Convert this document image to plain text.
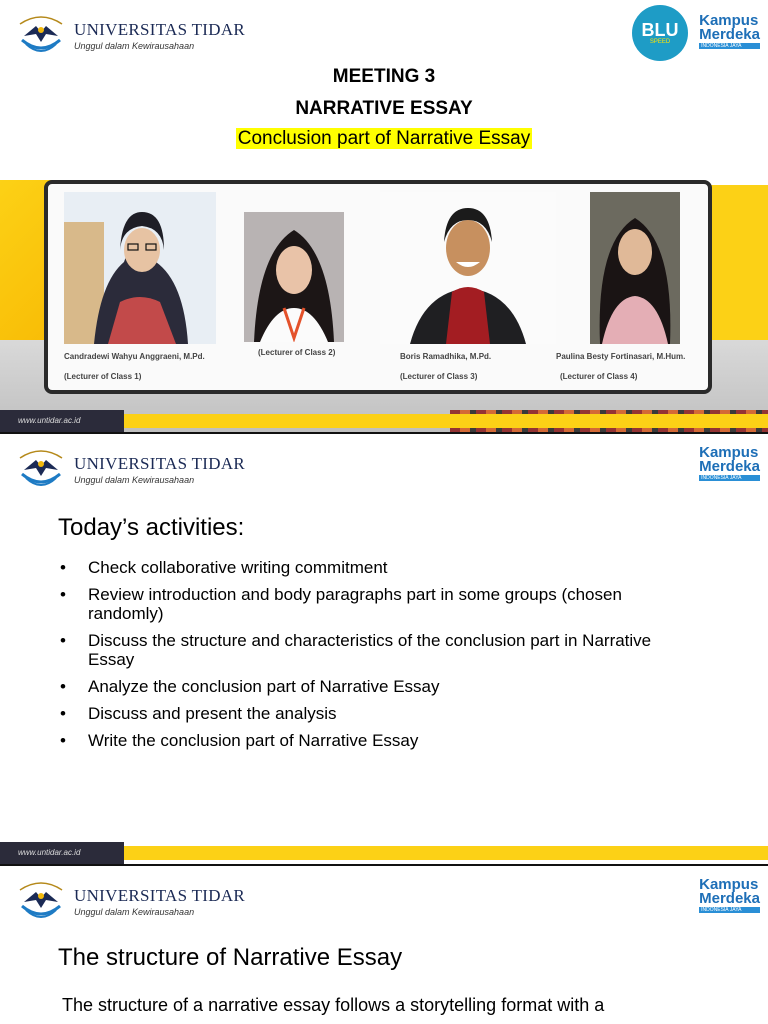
UNIVERSITAS TIDAR
Unggul dalam Kewirausahaan
BLU
SPEED
Kampus
Merdeka
INDONESIA JAYA
MEETING 3
NARRATIVE ESSAY
Conclusion part of Narrative Essay
Candradewi Wahyu Anggraeni, M.Pd.
(Lecturer of Class 1)
(Lecturer of Class 2)	Boris Ramadhika, M.Pd.
(Lecturer of Class 3)
Paulina Besty Fortinasari, M.Hum.
(Lecturer of Class 4)
www.untidar.ac.id
UNIVERSITAS TIDAR
Unggul dalam Kewirausahaan
Kampus
Merdeka
INDONESIA JAYA
Today’s activities:
• Check collaborative writing commitment
• Review introduction and body paragraphs part in some groups (chosen randomly)
• Discuss the structure and characteristics of the conclusion part in Narrative Essay
• Analyze the conclusion part of Narrative Essay
• Discuss and present the analysis
• Write the conclusion part of Narrative Essay
www.untidar.ac.id
UNIVERSITAS TIDAR
Unggul dalam Kewirausahaan
Kampus
Merdeka
INDONESIA JAYA
The structure of Narrative Essay
The structure of a narrative essay follows a storytelling format with a
